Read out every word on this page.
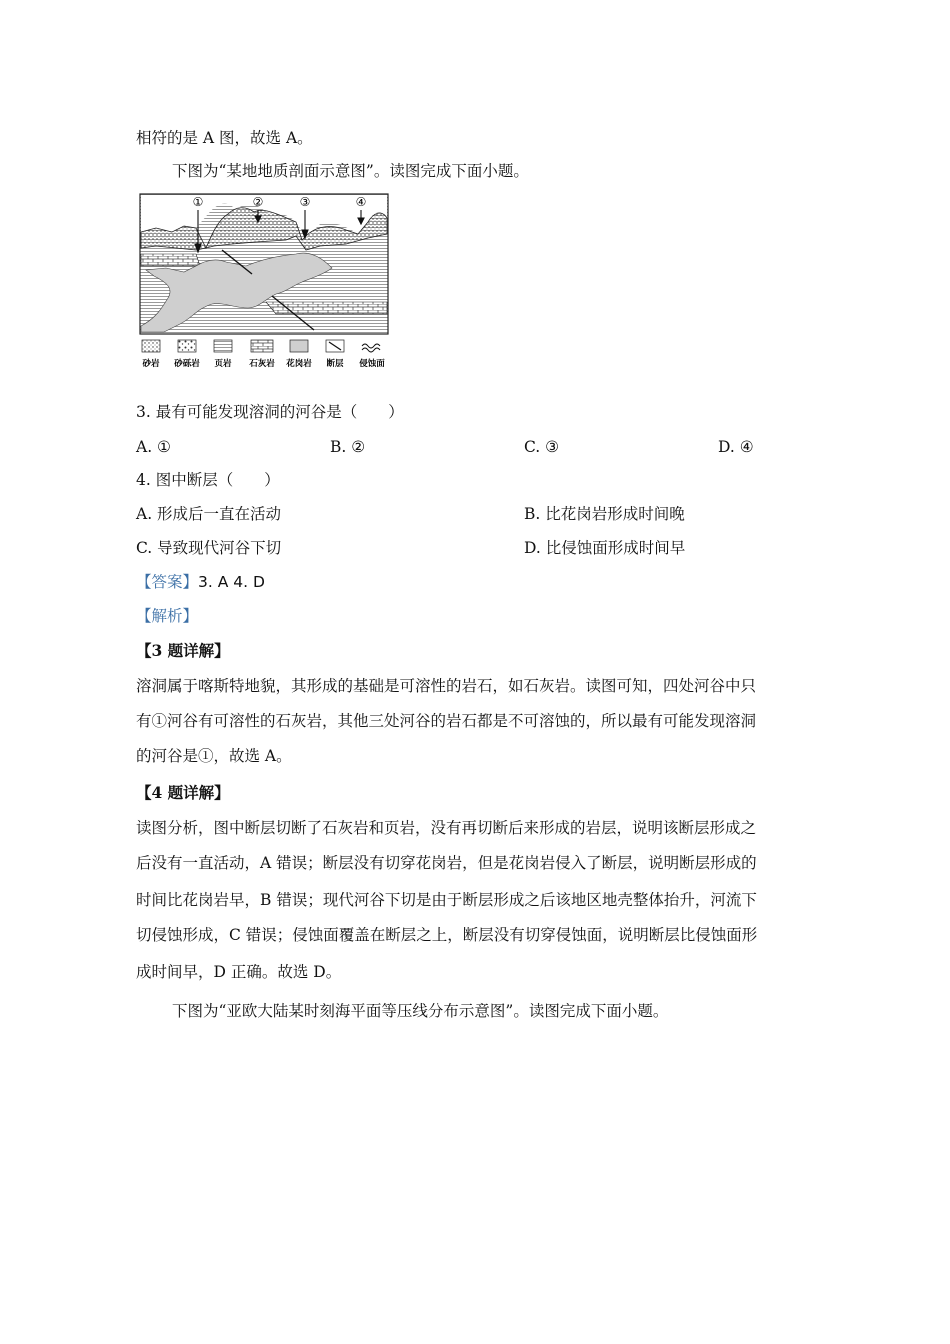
相符的是 A 图，故选 A。
下图为“某地地质剖面示意图”。读图完成下面小题。
①	②	③	④
砂岩 砂砾岩 页岩 石灰岩 花岗岩 断层 侵蚀面
3. 最有可能发现溶洞的河谷是（　　）
A. ①	B. ②	C. ③	D. ④
4. 图中断层（　　）
A. 形成后一直在活动	B. 比花岗岩形成时间晚
C. 导致现代河谷下切	D. 比侵蚀面形成时间早
【答案】3. A 4. D
【解析】
【3 题详解】
溶洞属于喀斯特地貌，其形成的基础是可溶性的岩石，如石灰岩。读图可知，四处河谷中只
有①河谷有可溶性的石灰岩，其他三处河谷的岩石都是不可溶蚀的，所以最有可能发现溶洞
的河谷是①，故选 A。
【4 题详解】
读图分析，图中断层切断了石灰岩和页岩，没有再切断后来形成的岩层，说明该断层形成之
后没有一直活动，A 错误；断层没有切穿花岗岩，但是花岗岩侵入了断层，说明断层形成的
时间比花岗岩早，B 错误；现代河谷下切是由于断层形成之后该地区地壳整体抬升，河流下
切侵蚀形成，C 错误；侵蚀面覆盖在断层之上，断层没有切穿侵蚀面，说明断层比侵蚀面形
成时间早，D 正确。故选 D。
下图为“亚欧大陆某时刻海平面等压线分布示意图”。读图完成下面小题。
